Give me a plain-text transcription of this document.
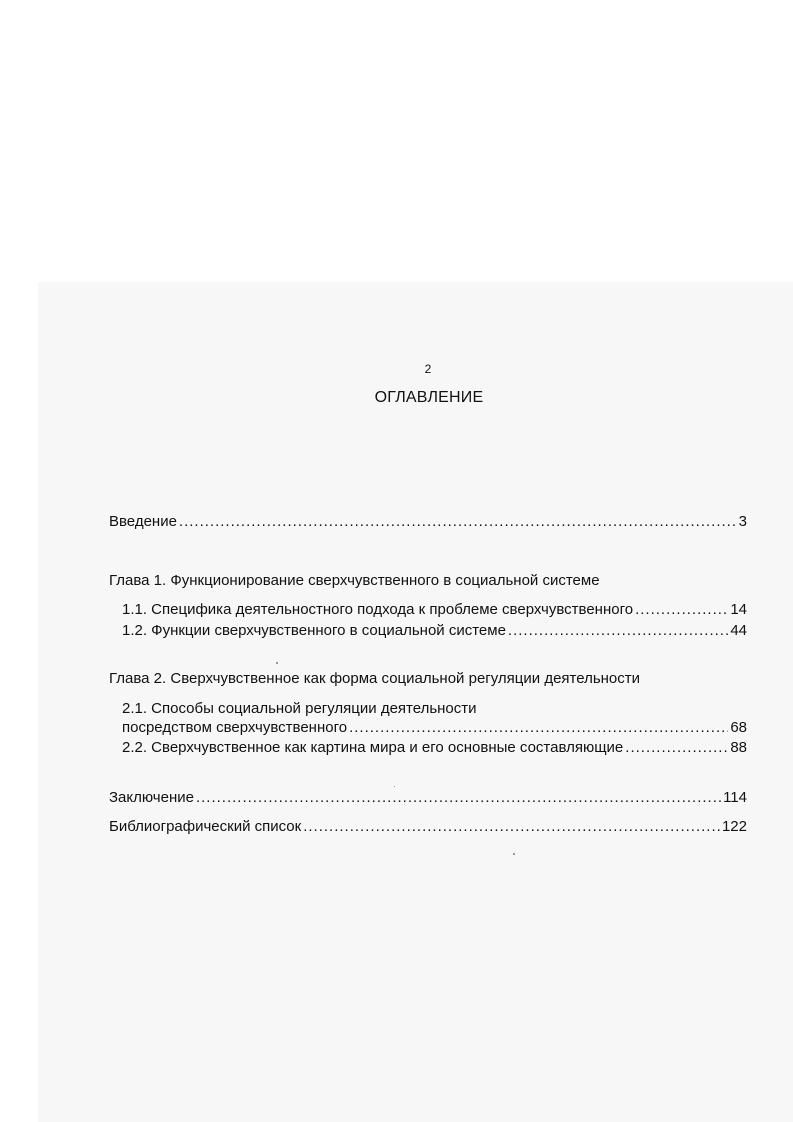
2
ОГЛАВЛЕНИЕ
Введение .....	3
Глава 1. Функционирование сверхчувственного в социальной системе
1.1. Специфика деятельностного подхода к проблеме сверхчувственного .....	14
1.2. Функции сверхчувственного в социальной системе .....	44
Глава 2. Сверхчувственное как форма социальной регуляции деятельности
2.1. Способы социальной регуляции деятельности
посредством сверхчувственного .....	68
2.2. Сверхчувственное как картина мира и его основные составляющие .....	88
Заключение .....	114
Библиографический список .....	122
